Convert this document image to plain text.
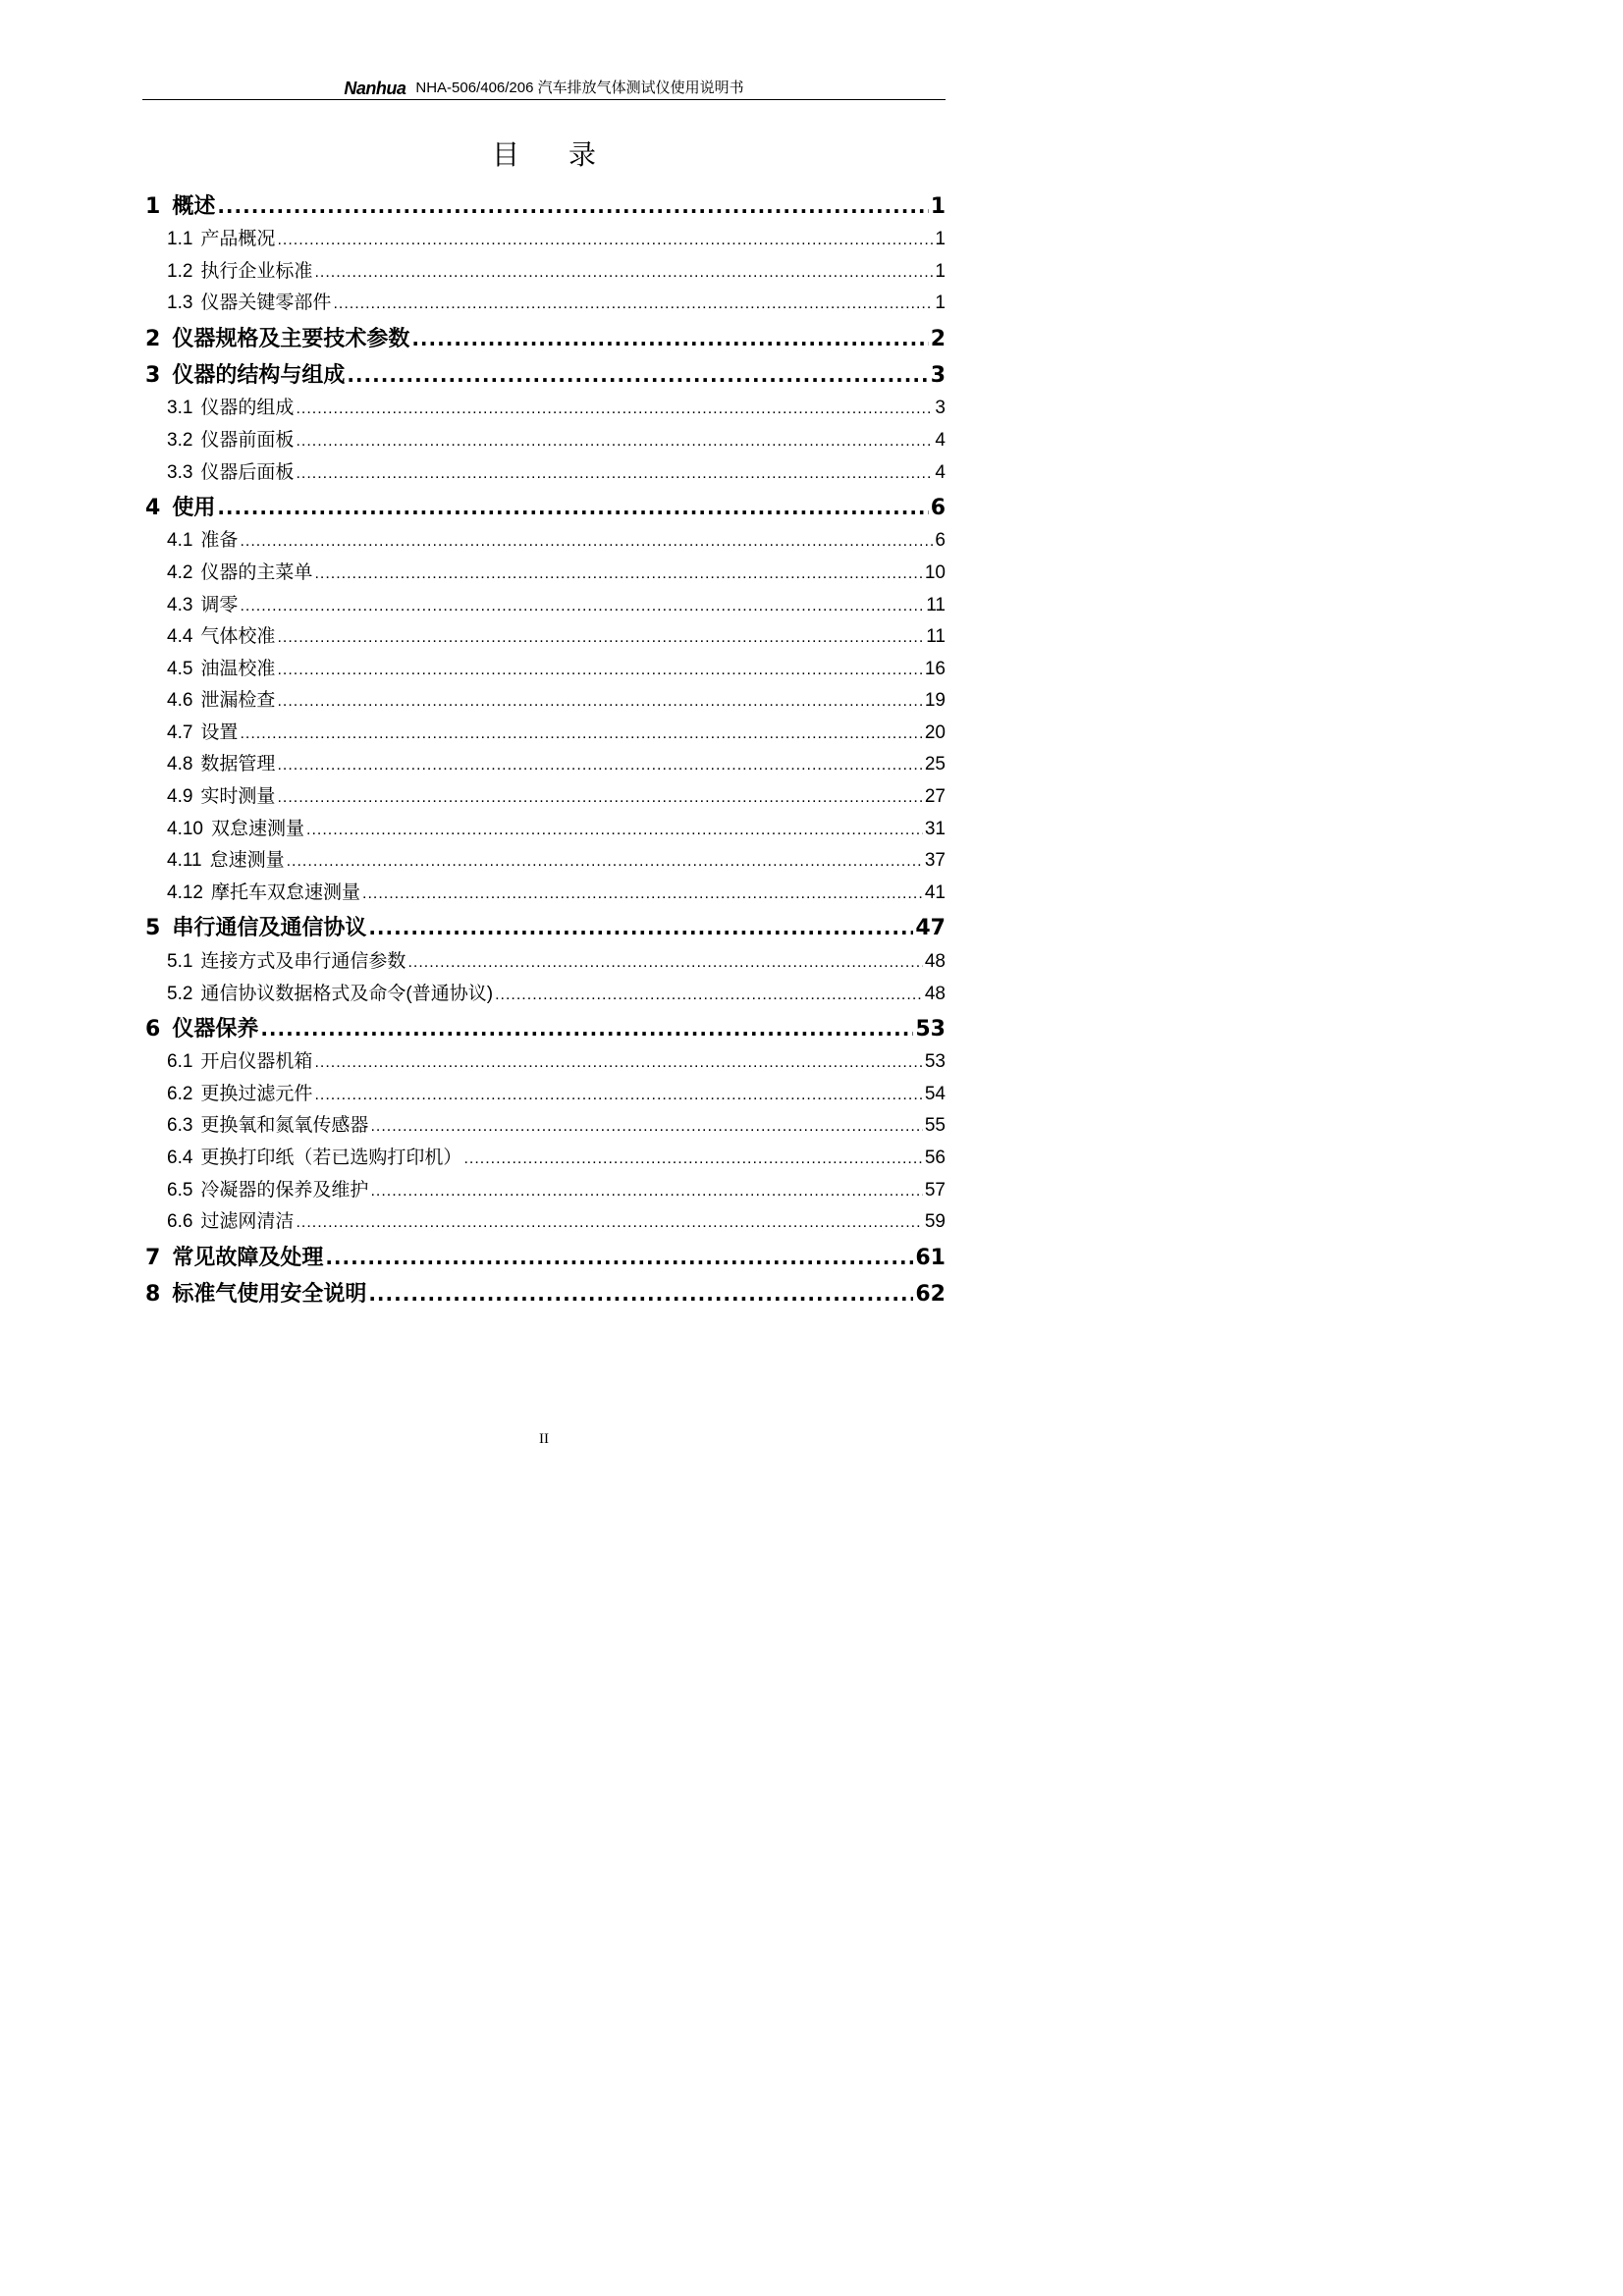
Nanhua NHA-506/406/206 汽车排放气体测试仪使用说明书
目录
1 概述 .....	1
1.1 产品概况 .....	1
1.2 执行企业标准 .....	1
1.3 仪器关键零部件 .....	1
2 仪器规格及主要技术参数 .....	2
3 仪器的结构与组成 .....	3
3.1 仪器的组成 .....	3
3.2 仪器前面板 .....	4
3.3 仪器后面板 .....	4
4 使用 .....	6
4.1 准备 .....	6
4.2 仪器的主菜单 .....	10
4.3 调零 .....	11
4.4 气体校准 .....	11
4.5 油温校准 .....	16
4.6 泄漏检查 .....	19
4.7 设置 .....	20
4.8 数据管理 .....	25
4.9 实时测量 .....	27
4.10 双怠速测量 .....	31
4.11 怠速测量 .....	37
4.12 摩托车双怠速测量 .....	41
5 串行通信及通信协议 .....	47
5.1 连接方式及串行通信参数 .....	48
5.2 通信协议数据格式及命令(普通协议) .....	48
6 仪器保养 .....	53
6.1 开启仪器机箱 .....	53
6.2 更换过滤元件 .....	54
6.3 更换氧和氮氧传感器 .....	55
6.4 更换打印纸（若已选购打印机） .....	56
6.5 冷凝器的保养及维护 .....	57
6.6 过滤网清洁 .....	59
7 常见故障及处理 .....	61
8 标准气使用安全说明 .....	62
II
